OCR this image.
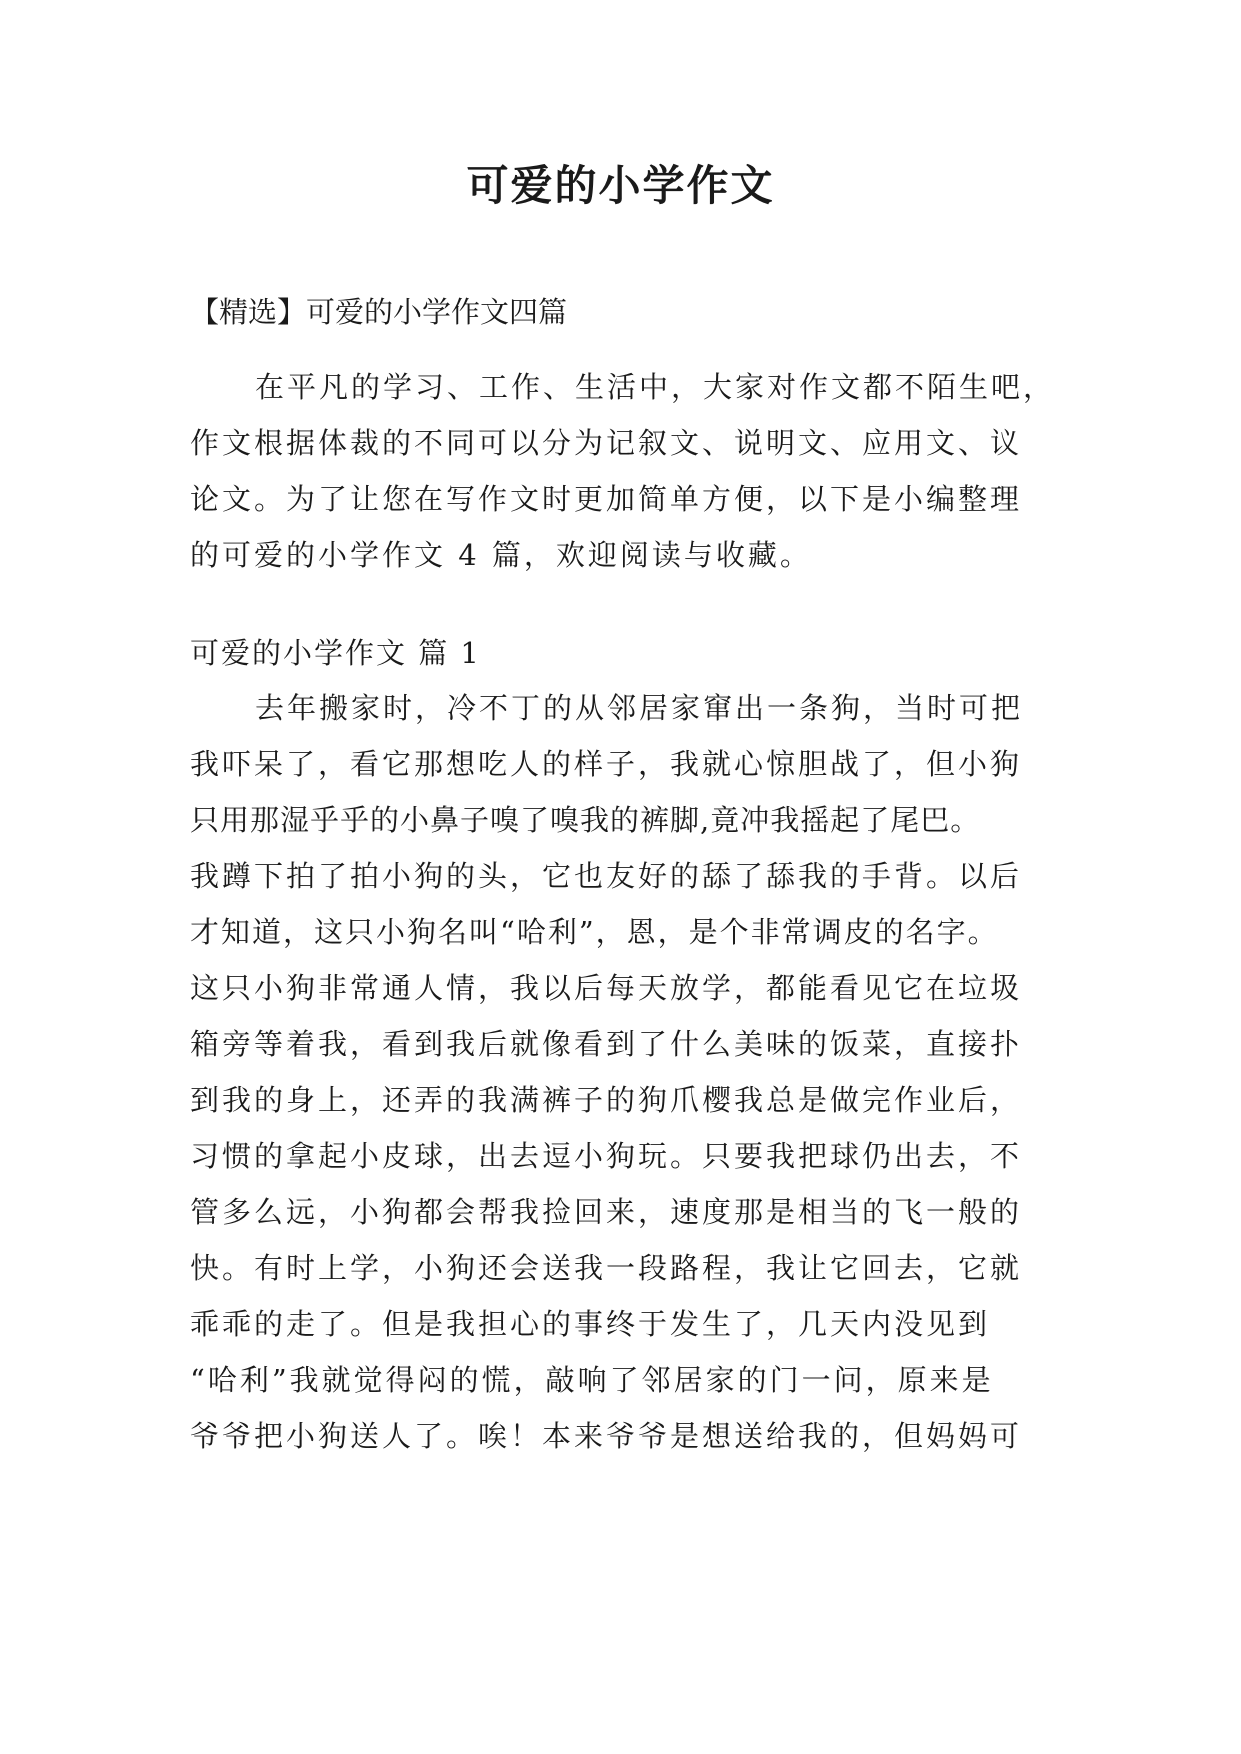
可爱的小学作文
【精选】可爱的小学作文四篇
在平凡的学习、工作、生活中，大家对作文都不陌生吧，
作文根据体裁的不同可以分为记叙文、说明文、应用文、议
论文。为了让您在写作文时更加简单方便，以下是小编整理
的可爱的小学作文 4 篇，欢迎阅读与收藏。
可爱的小学作文 篇 1
去年搬家时，冷不丁的从邻居家窜出一条狗，当时可把
我吓呆了，看它那想吃人的样子，我就心惊胆战了，但小狗
只用那湿乎乎的小鼻子嗅了嗅我的裤脚,竟冲我摇起了尾巴。
我蹲下拍了拍小狗的头，它也友好的舔了舔我的手背。以后
才知道，这只小狗名叫“哈利”，恩，是个非常调皮的名字。
这只小狗非常通人情，我以后每天放学，都能看见它在垃圾
箱旁等着我，看到我后就像看到了什么美味的饭菜，直接扑
到我的身上，还弄的我满裤子的狗爪樱我总是做完作业后，
习惯的拿起小皮球，出去逗小狗玩。只要我把球仍出去，不
管多么远，小狗都会帮我捡回来，速度那是相当的飞一般的
快。有时上学，小狗还会送我一段路程，我让它回去，它就
乖乖的走了。但是我担心的事终于发生了，几天内没见到
“哈利”我就觉得闷的慌，敲响了邻居家的门一问，原来是
爷爷把小狗送人了。唉！本来爷爷是想送给我的，但妈妈可
